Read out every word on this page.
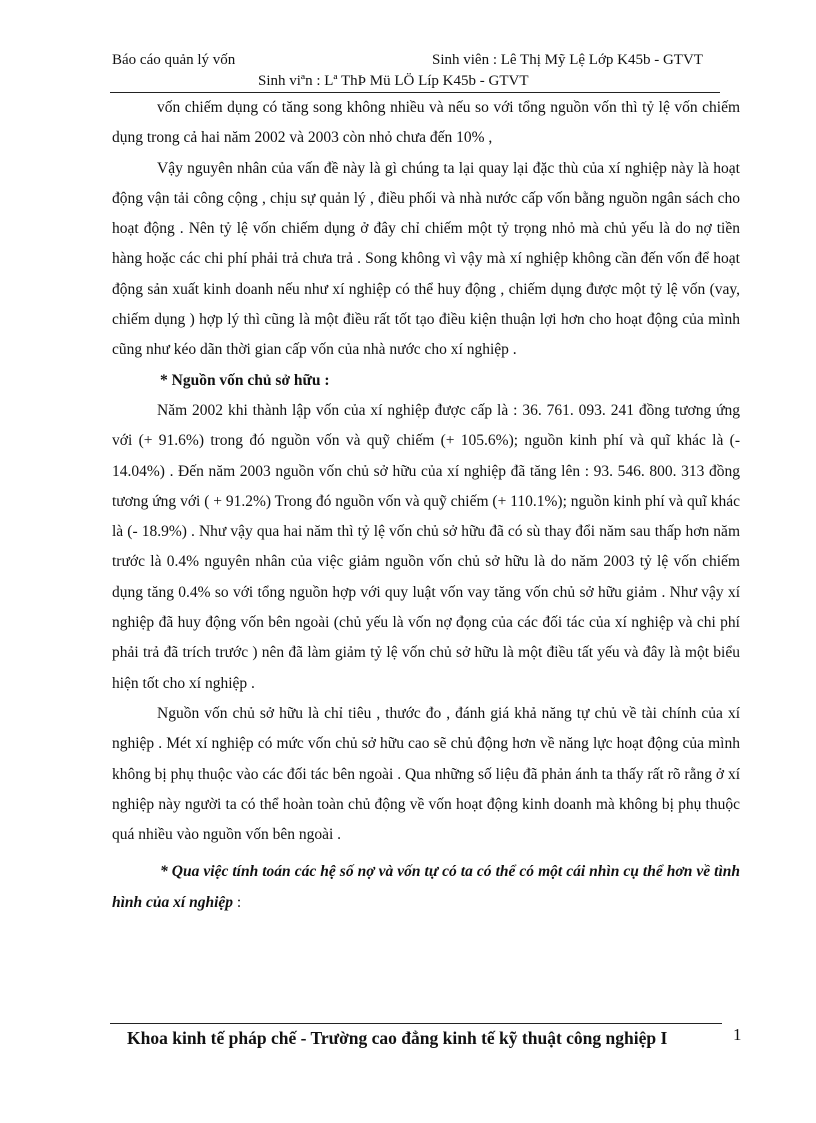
Báo cáo quản lý vốn	Sinh viên : Lê Thị Mỹ Lệ Lớp K45b - GTVT
Sinh viªn : Lª ThÞ Mü LÖ Líp K45b - GTVT

vốn chiếm dụng có tăng song không nhiều và nếu so với tổng nguồn vốn thì tỷ lệ vốn chiếm dụng trong cả hai năm 2002 và 2003 còn nhỏ chưa đến 10% ,

Vậy nguyên nhân của vấn đề này là gì chúng ta lại quay lại đặc thù của xí nghiệp này là hoạt động vận tải công cộng , chịu sự quản lý , điều phối và nhà nước cấp vốn bằng nguồn ngân sách cho hoạt động . Nên tỷ lệ vốn chiếm dụng ở đây chỉ chiếm một tỷ trọng nhỏ mà chủ yếu là do nợ tiền hàng hoặc các chi phí phải trả chưa trả . Song không vì vậy mà xí nghiệp không cần đến vốn để hoạt động sản xuất kinh doanh nếu như xí nghiệp có thể huy động , chiếm dụng được một tỷ lệ vốn (vay, chiếm dụng ) hợp lý thì cũng là một điều rất tốt tạo điều kiện thuận lợi hơn cho hoạt động của mình cũng như kéo dãn thời gian cấp vốn của nhà nước cho xí nghiệp .

* Nguồn vốn chủ sở hữu :

Năm 2002 khi thành lập vốn của xí nghiệp được cấp là : 36. 761. 093. 241 đồng tương ứng với (+ 91.6%) trong đó nguồn vốn và quỹ chiếm (+ 105.6%); nguồn kinh phí và quĩ khác là (- 14.04%) . Đến năm 2003 nguồn vốn chủ sở hữu của xí nghiệp đã tăng lên : 93. 546. 800. 313 đồng tương ứng với ( + 91.2%) Trong đó nguồn vốn và quỹ chiếm (+ 110.1%); nguồn kinh phí và quĩ khác là (- 18.9%) . Như vậy qua hai năm thì tỷ lệ vốn chủ sở hữu đã có sù thay đổi năm sau thấp hơn năm trước là 0.4% nguyên nhân của việc giảm nguồn vốn chủ sở hữu là do năm 2003 tỷ lệ vốn chiếm dụng tăng 0.4% so với tổng nguồn hợp với quy luật vốn vay tăng vốn chủ sở hữu giảm . Như vậy xí nghiệp đã huy động vốn bên ngoài (chủ yếu là vốn nợ đọng của các đối tác của xí nghiệp và chi phí phải trả đã trích trước ) nên đã làm giảm tỷ lệ vốn chủ sở hữu là một điều tất yếu và đây là một biểu hiện tốt cho xí nghiệp .

Nguồn vốn chủ sở hữu là chỉ tiêu , thước đo , đánh giá khả năng tự chủ về tài chính của xí nghiệp . Mét xí nghiệp có mức vốn chủ sở hữu cao sẽ chủ động hơn về năng lực hoạt động của mình không bị phụ thuộc vào các đối tác bên ngoài . Qua những số liệu đã phản ánh ta thấy rất rõ rằng ở xí nghiệp này người ta có thể hoàn toàn chủ động về vốn hoạt động kinh doanh mà không bị phụ thuộc quá nhiều vào nguồn vốn bên ngoài .

* Qua việc tính toán các hệ số nợ và vốn tự có ta có thể có một cái nhìn cụ thể hơn về tình hình của xí nghiệp :

Khoa kinh tế pháp chế - Trường cao đẳng kinh tế kỹ thuật công nghiệp I	1
